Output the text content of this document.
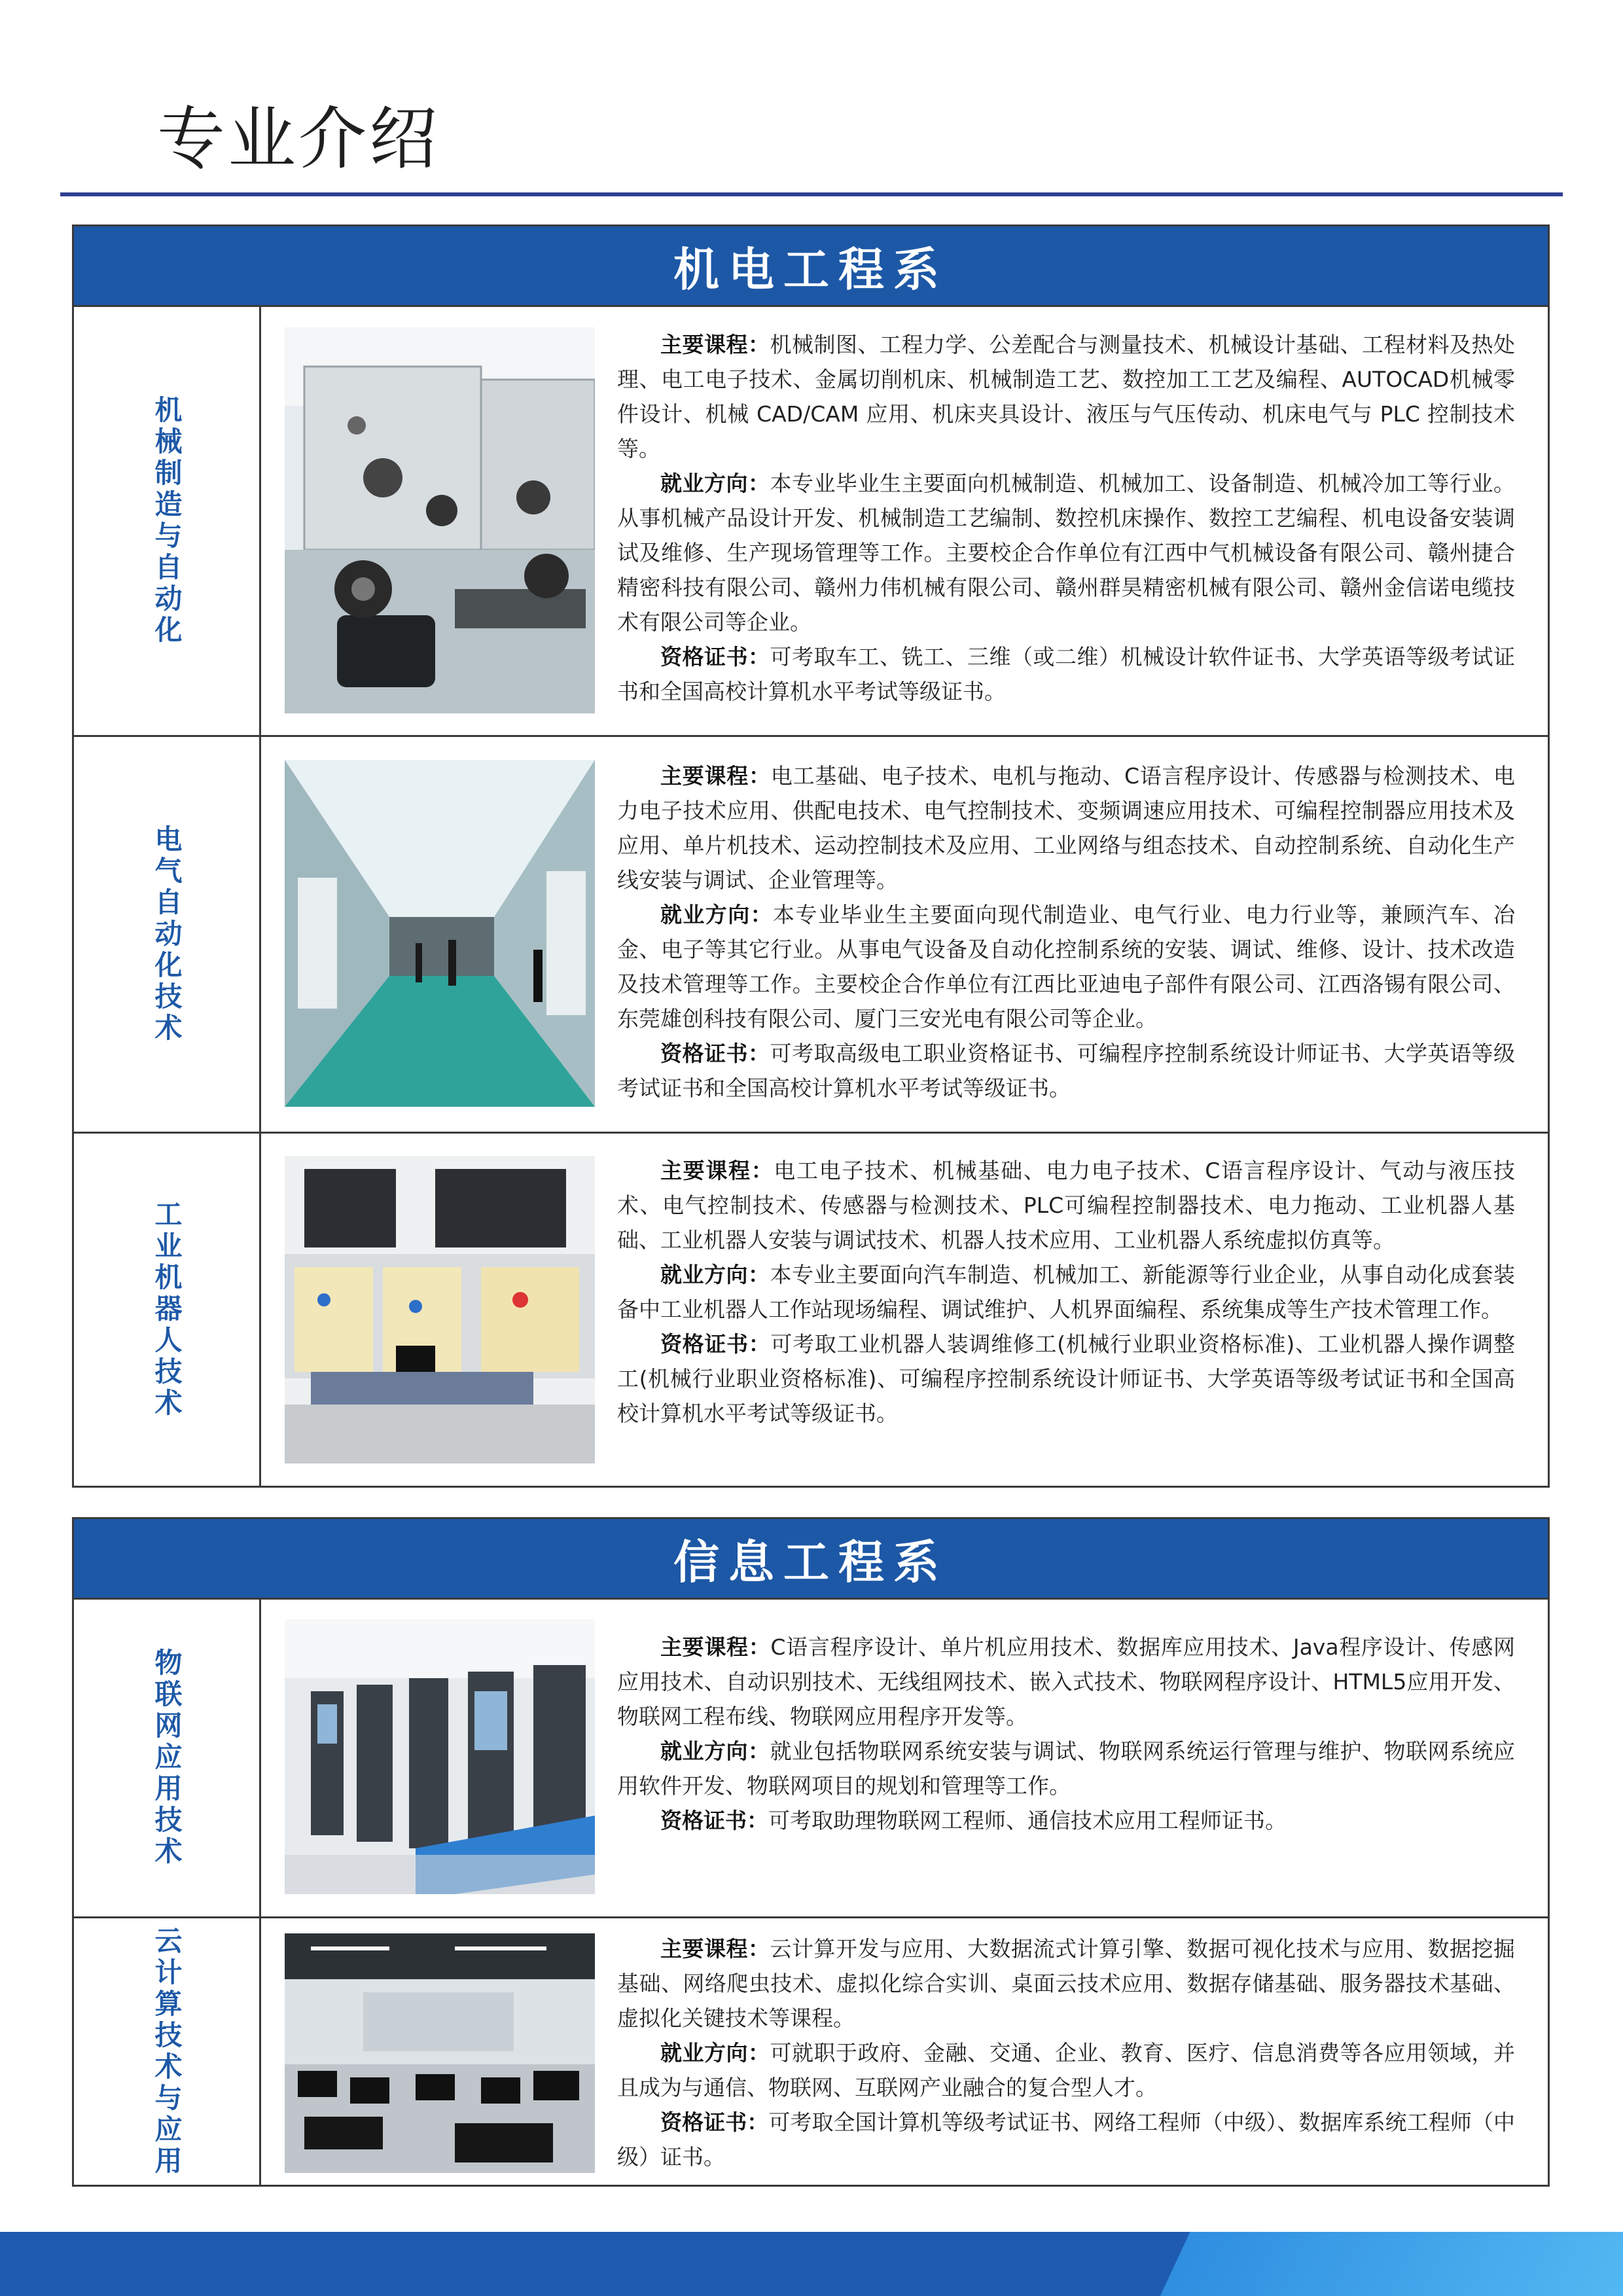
专业介绍
机电工程系
机械制造与自动化

主要课程：机械制图、工程力学、公差配合与测量技术、机械设计基础、工程材料及热处理、电工电子技术、金属切削机床、机械制造工艺、数控加工工艺及编程、AUTOCAD机械零件设计、机械 CAD/CAM 应用、机床夹具设计、液压与气压传动、机床电气与 PLC 控制技术等。

就业方向：本专业毕业生主要面向机械制造、机械加工、设备制造、机械冷加工等行业。从事机械产品设计开发、机械制造工艺编制、数控机床操作、数控工艺编程、机电设备安装调试及维修、生产现场管理等工作。主要校企合作单位有江西中气机械设备有限公司、赣州捷合精密科技有限公司、赣州力伟机械有限公司、赣州群昊精密机械有限公司、赣州金信诺电缆技术有限公司等企业。

资格证书：可考取车工、铣工、三维（或二维）机械设计软件证书、大学英语等级考试证书和全国高校计算机水平考试等级证书。

电气自动化技术

主要课程：电工基础、电子技术、电机与拖动、C语言程序设计、传感器与检测技术、电力电子技术应用、供配电技术、电气控制技术、变频调速应用技术、可编程控制器应用技术及应用、单片机技术、运动控制技术及应用、工业网络与组态技术、自动控制系统、自动化生产线安装与调试、企业管理等。

就业方向：本专业毕业生主要面向现代制造业、电气行业、电力行业等，兼顾汽车、冶金、电子等其它行业。从事电气设备及自动化控制系统的安装、调试、维修、设计、技术改造及技术管理等工作。主要校企合作单位有江西比亚迪电子部件有限公司、江西洛锡有限公司、东莞雄创科技有限公司、厦门三安光电有限公司等企业。

资格证书：可考取高级电工职业资格证书、可编程序控制系统设计师证书、大学英语等级考试证书和全国高校计算机水平考试等级证书。

工业机器人技术

主要课程：电工电子技术、机械基础、电力电子技术、C语言程序设计、气动与液压技术、电气控制技术、传感器与检测技术、PLC可编程控制器技术、电力拖动、工业机器人基础、工业机器人安装与调试技术、机器人技术应用、工业机器人系统虚拟仿真等。

就业方向：本专业主要面向汽车制造、机械加工、新能源等行业企业，从事自动化成套装备中工业机器人工作站现场编程、调试维护、人机界面编程、系统集成等生产技术管理工作。

资格证书：可考取工业机器人装调维修工(机械行业职业资格标准)、工业机器人操作调整工(机械行业职业资格标准)、可编程序控制系统设计师证书、大学英语等级考试证书和全国高校计算机水平考试等级证书。

信息工程系
物联网应用技术

主要课程：C语言程序设计、单片机应用技术、数据库应用技术、Java程序设计、传感网应用技术、自动识别技术、无线组网技术、嵌入式技术、物联网程序设计、HTML5应用开发、物联网工程布线、物联网应用程序开发等。

就业方向：就业包括物联网系统安装与调试、物联网系统运行管理与维护、物联网系统应用软件开发、物联网项目的规划和管理等工作。

资格证书：可考取助理物联网工程师、通信技术应用工程师证书。

云计算技术与应用	主要课程：云计算开发与应用、大数据流式计算引擎、数据可视化技术与应用、数据挖掘基础、网络爬虫技术、虚拟化综合实训、桌面云技术应用、数据存储基础、服务器技术基础、虚拟化关键技术等课程。

就业方向：可就职于政府、金融、交通、企业、教育、医疗、信息消费等各应用领域，并且成为与通信、物联网、互联网产业融合的复合型人才。

资格证书：可考取全国计算机等级考试证书、网络工程师（中级）、数据库系统工程师（中级）证书。
